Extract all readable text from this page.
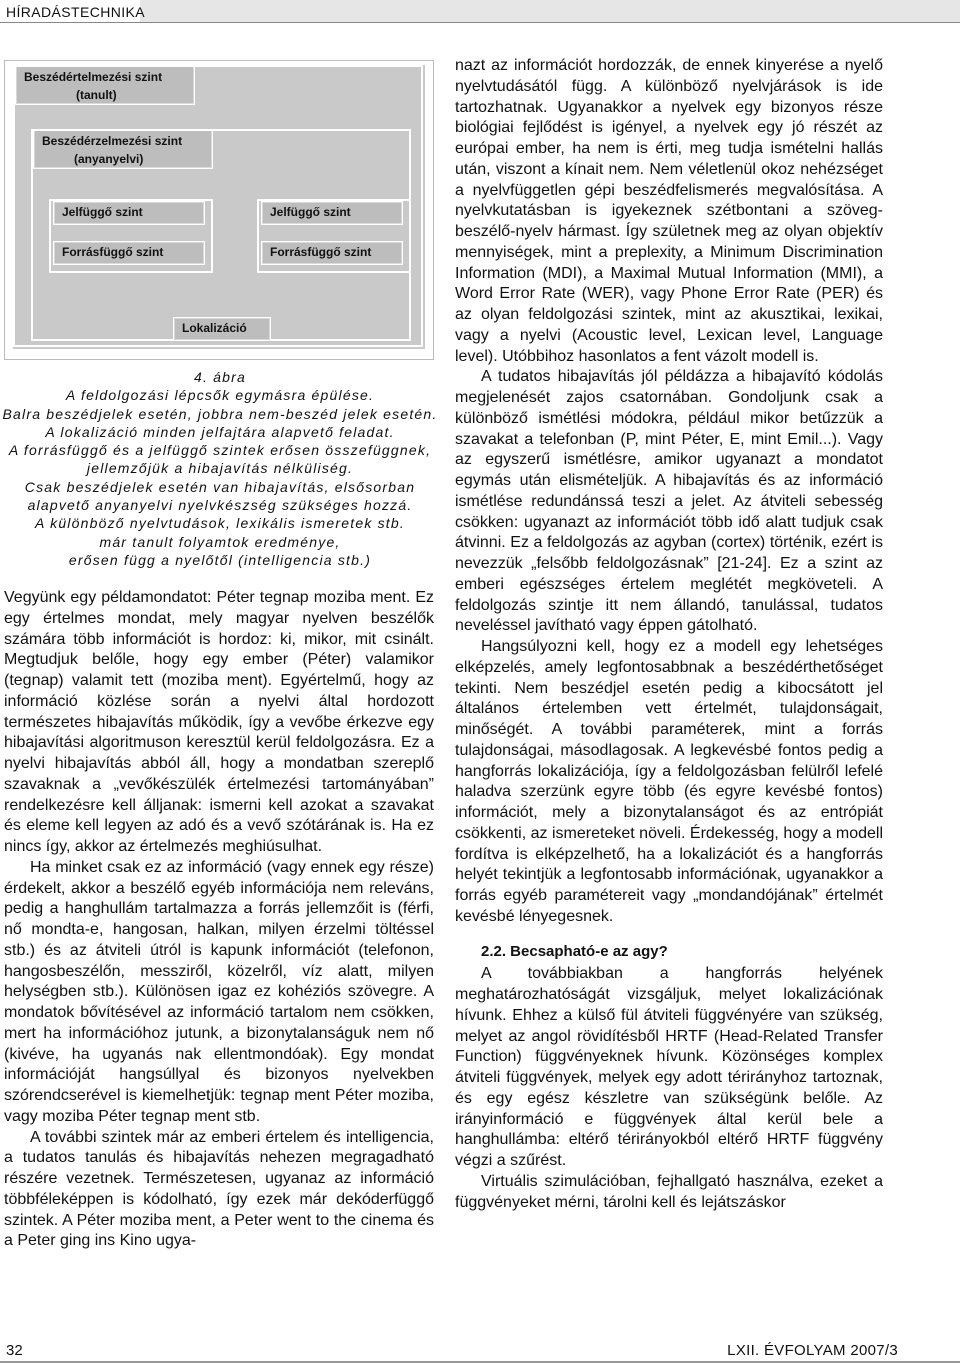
HÍRADÁSTECHNIKA
Beszédértelmezési szint
(tanult)
Beszédérzelmezési szint
(anyanyelvi)
Jelfüggő szint
Forrásfüggő szint
Jelfüggő szint
Forrásfüggő szint
Lokalizáció
4. ábra
A feldolgozási lépcsők egymásra épülése.
Balra beszédjelek esetén, jobbra nem-beszéd jelek esetén.
A lokalizáció minden jelfajtára alapvető feladat.
A forrásfüggő és a jelfüggő szintek erősen összefüggnek,
jellemzőjük a hibajavítás nélküliség.
Csak beszédjelek esetén van hibajavítás, elsősorban
alapvető anyanyelvi nyelvkészség szükséges hozzá.
A különböző nyelvtudások, lexikális ismeretek stb.
már tanult folyamtok eredménye,
erősen függ a nyelőtől (intelligencia stb.)

Vegyünk egy példamondatot: Péter tegnap moziba ment. Ez egy értelmes mondat, mely magyar nyelven beszélők számára több információt is hordoz: ki, mikor, mit csinált. Megtudjuk belőle, hogy egy ember (Péter) valamikor (tegnap) valamit tett (moziba ment). Egyértelmű, hogy az információ közlése során a nyelvi által hordozott természetes hibajavítás működik, így a vevőbe érkezve egy hibajavítási algoritmuson keresztül kerül feldolgozásra. Ez a nyelvi hibajavítás abból áll, hogy a mondatban szereplő szavaknak a „vevőkészülék értelmezési tartományában” rendelkezésre kell álljanak: ismerni kell azokat a szavakat és eleme kell legyen az adó és a vevő szótárának is. Ha ez nincs így, akkor az értelmezés meghiúsulhat.

Ha minket csak ez az információ (vagy ennek egy része) érdekelt, akkor a beszélő egyéb információja nem releváns, pedig a hanghullám tartalmazza a forrás jellemzőit is (férfi, nő mondta-e, hangosan, halkan, milyen érzelmi töltéssel stb.) és az átviteli útról is kapunk információt (telefonon, hangosbeszélőn, messziről, közelről, víz alatt, milyen helységben stb.). Különösen igaz ez kohéziós szövegre. A mondatok bővítésével az információ tartalom nem csökken, mert ha információhoz jutunk, a bizonytalanságuk nem nő (kivéve, ha ugyanás nak ellentmondóak). Egy mondat információját hangsúllyal és bizonyos nyelvekben szórendcserével is kiemelhetjük: tegnap ment Péter moziba, vagy moziba Péter tegnap ment stb.

A további szintek már az emberi értelem és intelligencia, a tudatos tanulás és hibajavítás nehezen megragadható részére vezetnek. Természetesen, ugyanaz az információ többféleképpen is kódolható, így ezek már dekóderfüggő szintek. A Péter moziba ment, a Peter went to the cinema és a Peter ging ins Kino ugya-

nazt az információt hordozzák, de ennek kinyerése a nyelő nyelvtudásától függ. A különböző nyelvjárások is ide tartozhatnak. Ugyanakkor a nyelvek egy bizonyos része biológiai fejlődést is igényel, a nyelvek egy jó részét az európai ember, ha nem is érti, meg tudja ismételni hallás után, viszont a kínait nem. Nem véletlenül okoz nehézséget a nyelvfüggetlen gépi beszédfelismerés megvalósítása. A nyelvkutatásban is igyekeznek szétbontani a szöveg-beszélő-nyelv hármast. Így születnek meg az olyan objektív mennyiségek, mint a preplexity, a Minimum Discrimination Information (MDI), a Maximal Mutual Information (MMI), a Word Error Rate (WER), vagy Phone Error Rate (PER) és az olyan feldolgozási szintek, mint az akusztikai, lexikai, vagy a nyelvi (Acoustic level, Lexican level, Language level). Utóbbihoz hasonlatos a fent vázolt modell is.

A tudatos hibajavítás jól példázza a hibajavító kódolás megjelenését zajos csatornában. Gondoljunk csak a különböző ismétlési módokra, például mikor betűzzük a szavakat a telefonban (P, mint Péter, E, mint Emil...). Vagy az egyszerű ismétlésre, amikor ugyanazt a mondatot egymás után elismételjük. A hibajavítás és az információ ismétlése redundánssá teszi a jelet. Az átviteli sebesség csökken: ugyanazt az információt több idő alatt tudjuk csak átvinni. Ez a feldolgozás az agyban (cortex) történik, ezért is nevezzük „felsőbb feldolgozásnak” [21-24]. Ez a szint az emberi egészséges értelem meglétét megköveteli. A feldolgozás szintje itt nem állandó, tanulással, tudatos neveléssel javítható vagy éppen gátolható.

Hangsúlyozni kell, hogy ez a modell egy lehetséges elképzelés, amely legfontosabbnak a beszédérthetőséget tekinti. Nem beszédjel esetén pedig a kibocsátott jel általános értelemben vett értelmét, tulajdonságait, minőségét. A további paraméterek, mint a forrás tulajdonságai, másodlagosak. A legkevésbé fontos pedig a hangforrás lokalizációja, így a feldolgozásban felülről lefelé haladva szerzünk egyre több (és egyre kevésbé fontos) információt, mely a bizonytalanságot és az entrópiát csökkenti, az ismereteket növeli. Érdekesség, hogy a modell fordítva is elképzelhető, ha a lokalizációt és a hangforrás helyét tekintjük a legfontosabb információnak, ugyanakkor a forrás egyéb paramétereit vagy „mondandójának” értelmét kevésbé lényegesnek.

2.2. Becsapható-e az agy?

A továbbiakban a hangforrás helyének meghatározhatóságát vizsgáljuk, melyet lokalizációnak hívunk. Ehhez a külső fül átviteli függvényére van szükség, melyet az angol rövidítésből HRTF (Head-Related Transfer Function) függvényeknek hívunk. Közönséges komplex átviteli függvények, melyek egy adott térirányhoz tartoznak, és egy egész készletre van szükségünk belőle. Az irányinformáció e függvények által kerül bele a hanghullámba: eltérő térirányokból eltérő HRTF függvény végzi a szűrést.

Virtuális szimulációban, fejhallgató használva, ezeket a függvényeket mérni, tárolni kell és lejátszáskor

32	LXII. ÉVFOLYAM 2007/3
